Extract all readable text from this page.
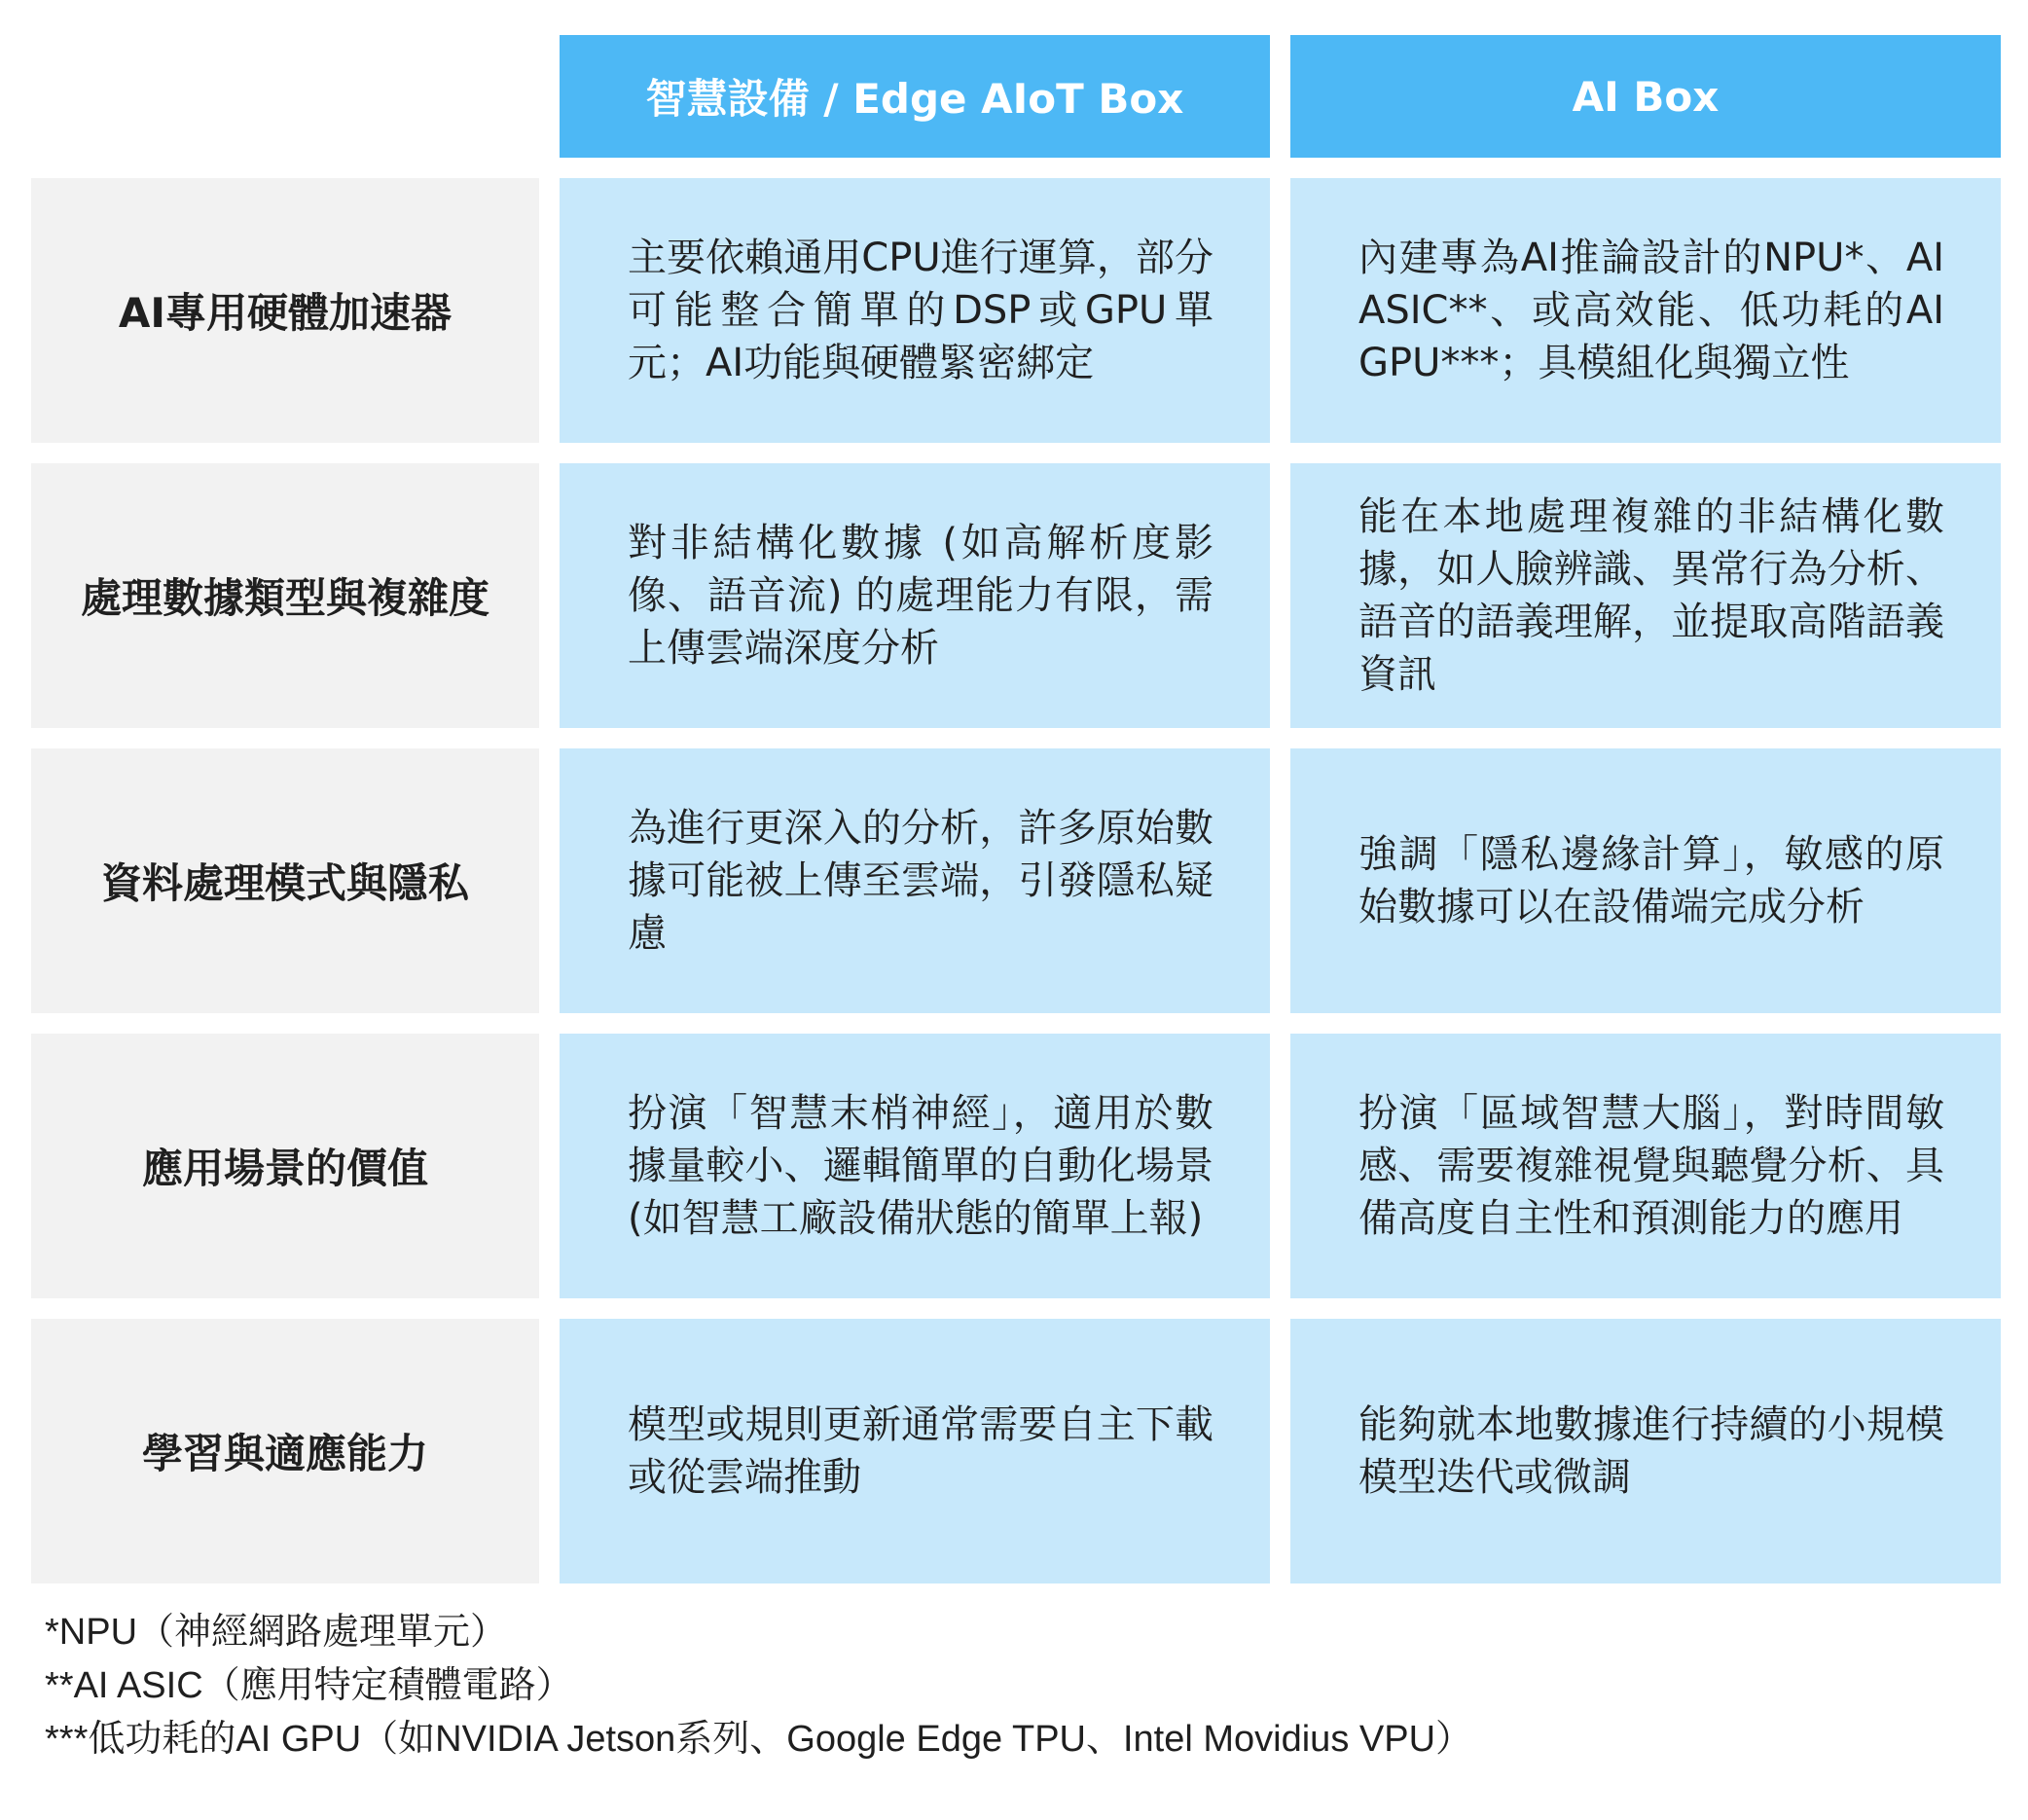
智慧設備 / Edge AIoT Box	AI Box
AI專用硬體加速器
主要依賴通用CPU進行運算，部分可能整合簡單的DSP或GPU單元；AI功能與硬體緊密綁定
內建專為AI推論設計的NPU*、AI ASIC**、或高效能、低功耗的AI GPU***；具模組化與獨立性
處理數據類型與複雜度
對非結構化數據 (如高解析度影像、語音流) 的處理能力有限，需上傳雲端深度分析
能在本地處理複雜的非結構化數據，如人臉辨識、異常行為分析、語音的語義理解，並提取高階語義資訊
資料處理模式與隱私
為進行更深入的分析，許多原始數據可能被上傳至雲端，引發隱私疑慮
強調「隱私邊緣計算」，敏感的原始數據可以在設備端完成分析
應用場景的價值
扮演「智慧末梢神經」，適用於數據量較小、邏輯簡單的自動化場景 (如智慧工廠設備狀態的簡單上報)
扮演「區域智慧大腦」，對時間敏感、需要複雜視覺與聽覺分析、具備高度自主性和預測能力的應用
學習與適應能力
模型或規則更新通常需要自主下載或從雲端推動
能夠就本地數據進行持續的小規模模型迭代或微調
*NPU（神經網路處理單元）
**AI ASIC（應用特定積體電路）
***低功耗的AI GPU（如NVIDIA Jetson系列、Google Edge TPU、Intel Movidius VPU）
